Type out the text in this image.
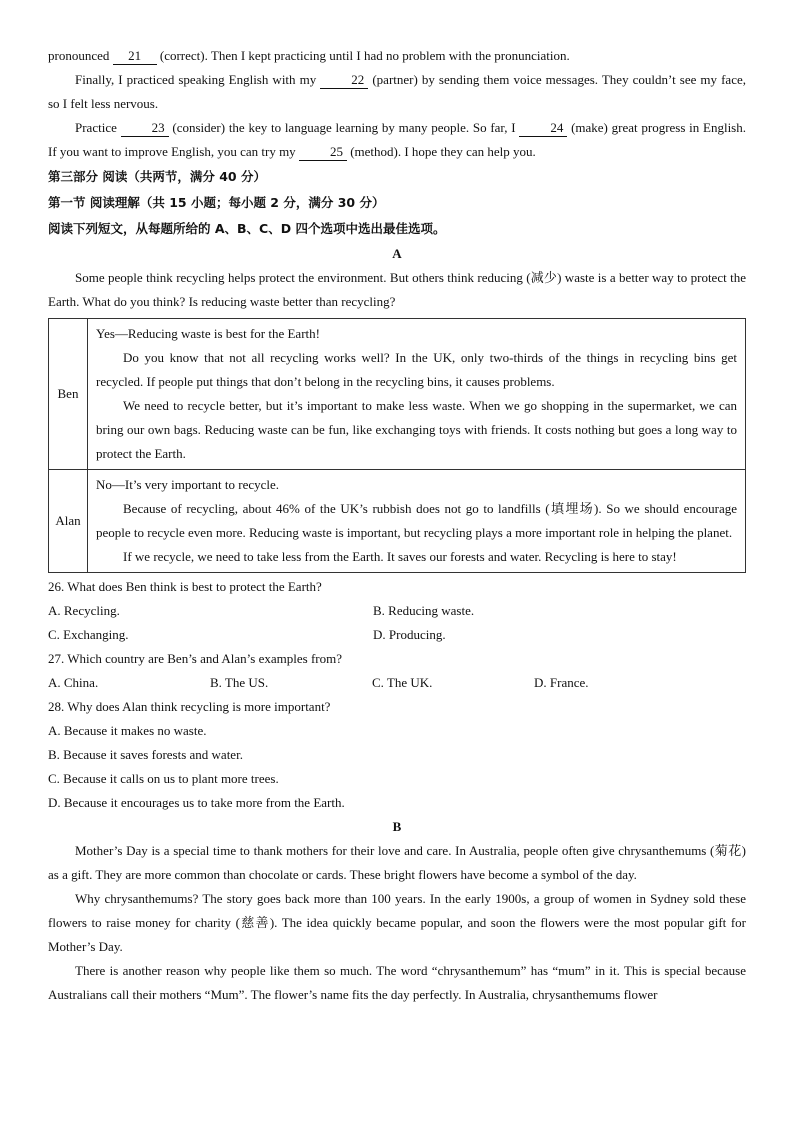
pronounced 21 (correct). Then I kept practicing until I had no problem with the pronunciation.

Finally, I practiced speaking English with my 22 (partner) by sending them voice messages. They couldn’t see my face, so I felt less nervous.

Practice 23 (consider) the key to language learning by many people. So far, I 24 (make) great progress in English. If you want to improve English, you can try my 25 (method). I hope they can help you.

第三部分 阅读（共两节，满分 40 分）
第一节 阅读理解（共 15 小题；每小题 2 分，满分 30 分）
阅读下列短文，从每题所给的 A、B、C、D 四个选项中选出最佳选项。
A

Some people think recycling helps protect the environment. But others think reducing (减少) waste is a better way to protect the Earth. What do you think? Is reducing waste better than recycling?

Ben	Yes—Reducing waste is best for the Earth!

Do you know that not all recycling works well? In the UK, only two-thirds of the things in recycling bins get recycled. If people put things that don’t belong in the recycling bins, it causes problems.

We need to recycle better, but it’s important to make less waste. When we go shopping in the supermarket, we can bring our own bags. Reducing waste can be fun, like exchanging toys with friends. It costs nothing but goes a long way to protect the Earth.

Alan	No—It’s very important to recycle.

Because of recycling, about 46% of the UK’s rubbish does not go to landfills (填埋场). So we should encourage people to recycle even more. Reducing waste is important, but recycling plays a more important role in helping the planet.

If we recycle, we need to take less from the Earth. It saves our forests and water. Recycling is here to stay!

26. What does Ben think is best to protect the Earth?

A. Recycling.	B. Reducing waste.
C. Exchanging.	D. Producing.

27. Which country are Ben’s and Alan’s examples from?

A. China.	B. The US.	C. The UK.	D. France.

28. Why does Alan think recycling is more important?

A. Because it makes no waste.

B. Because it saves forests and water.

C. Because it calls on us to plant more trees.

D. Because it encourages us to take more from the Earth.

B

Mother’s Day is a special time to thank mothers for their love and care. In Australia, people often give chrysanthemums (菊花) as a gift. They are more common than chocolate or cards. These bright flowers have become a symbol of the day.

Why chrysanthemums? The story goes back more than 100 years. In the early 1900s, a group of women in Sydney sold these flowers to raise money for charity (慈善). The idea quickly became popular, and soon the flowers were the most popular gift for Mother’s Day.

There is another reason why people like them so much. The word “chrysanthemum” has “mum” in it. This is special because Australians call their mothers “Mum”. The flower’s name fits the day perfectly. In Australia, chrysanthemums flower
